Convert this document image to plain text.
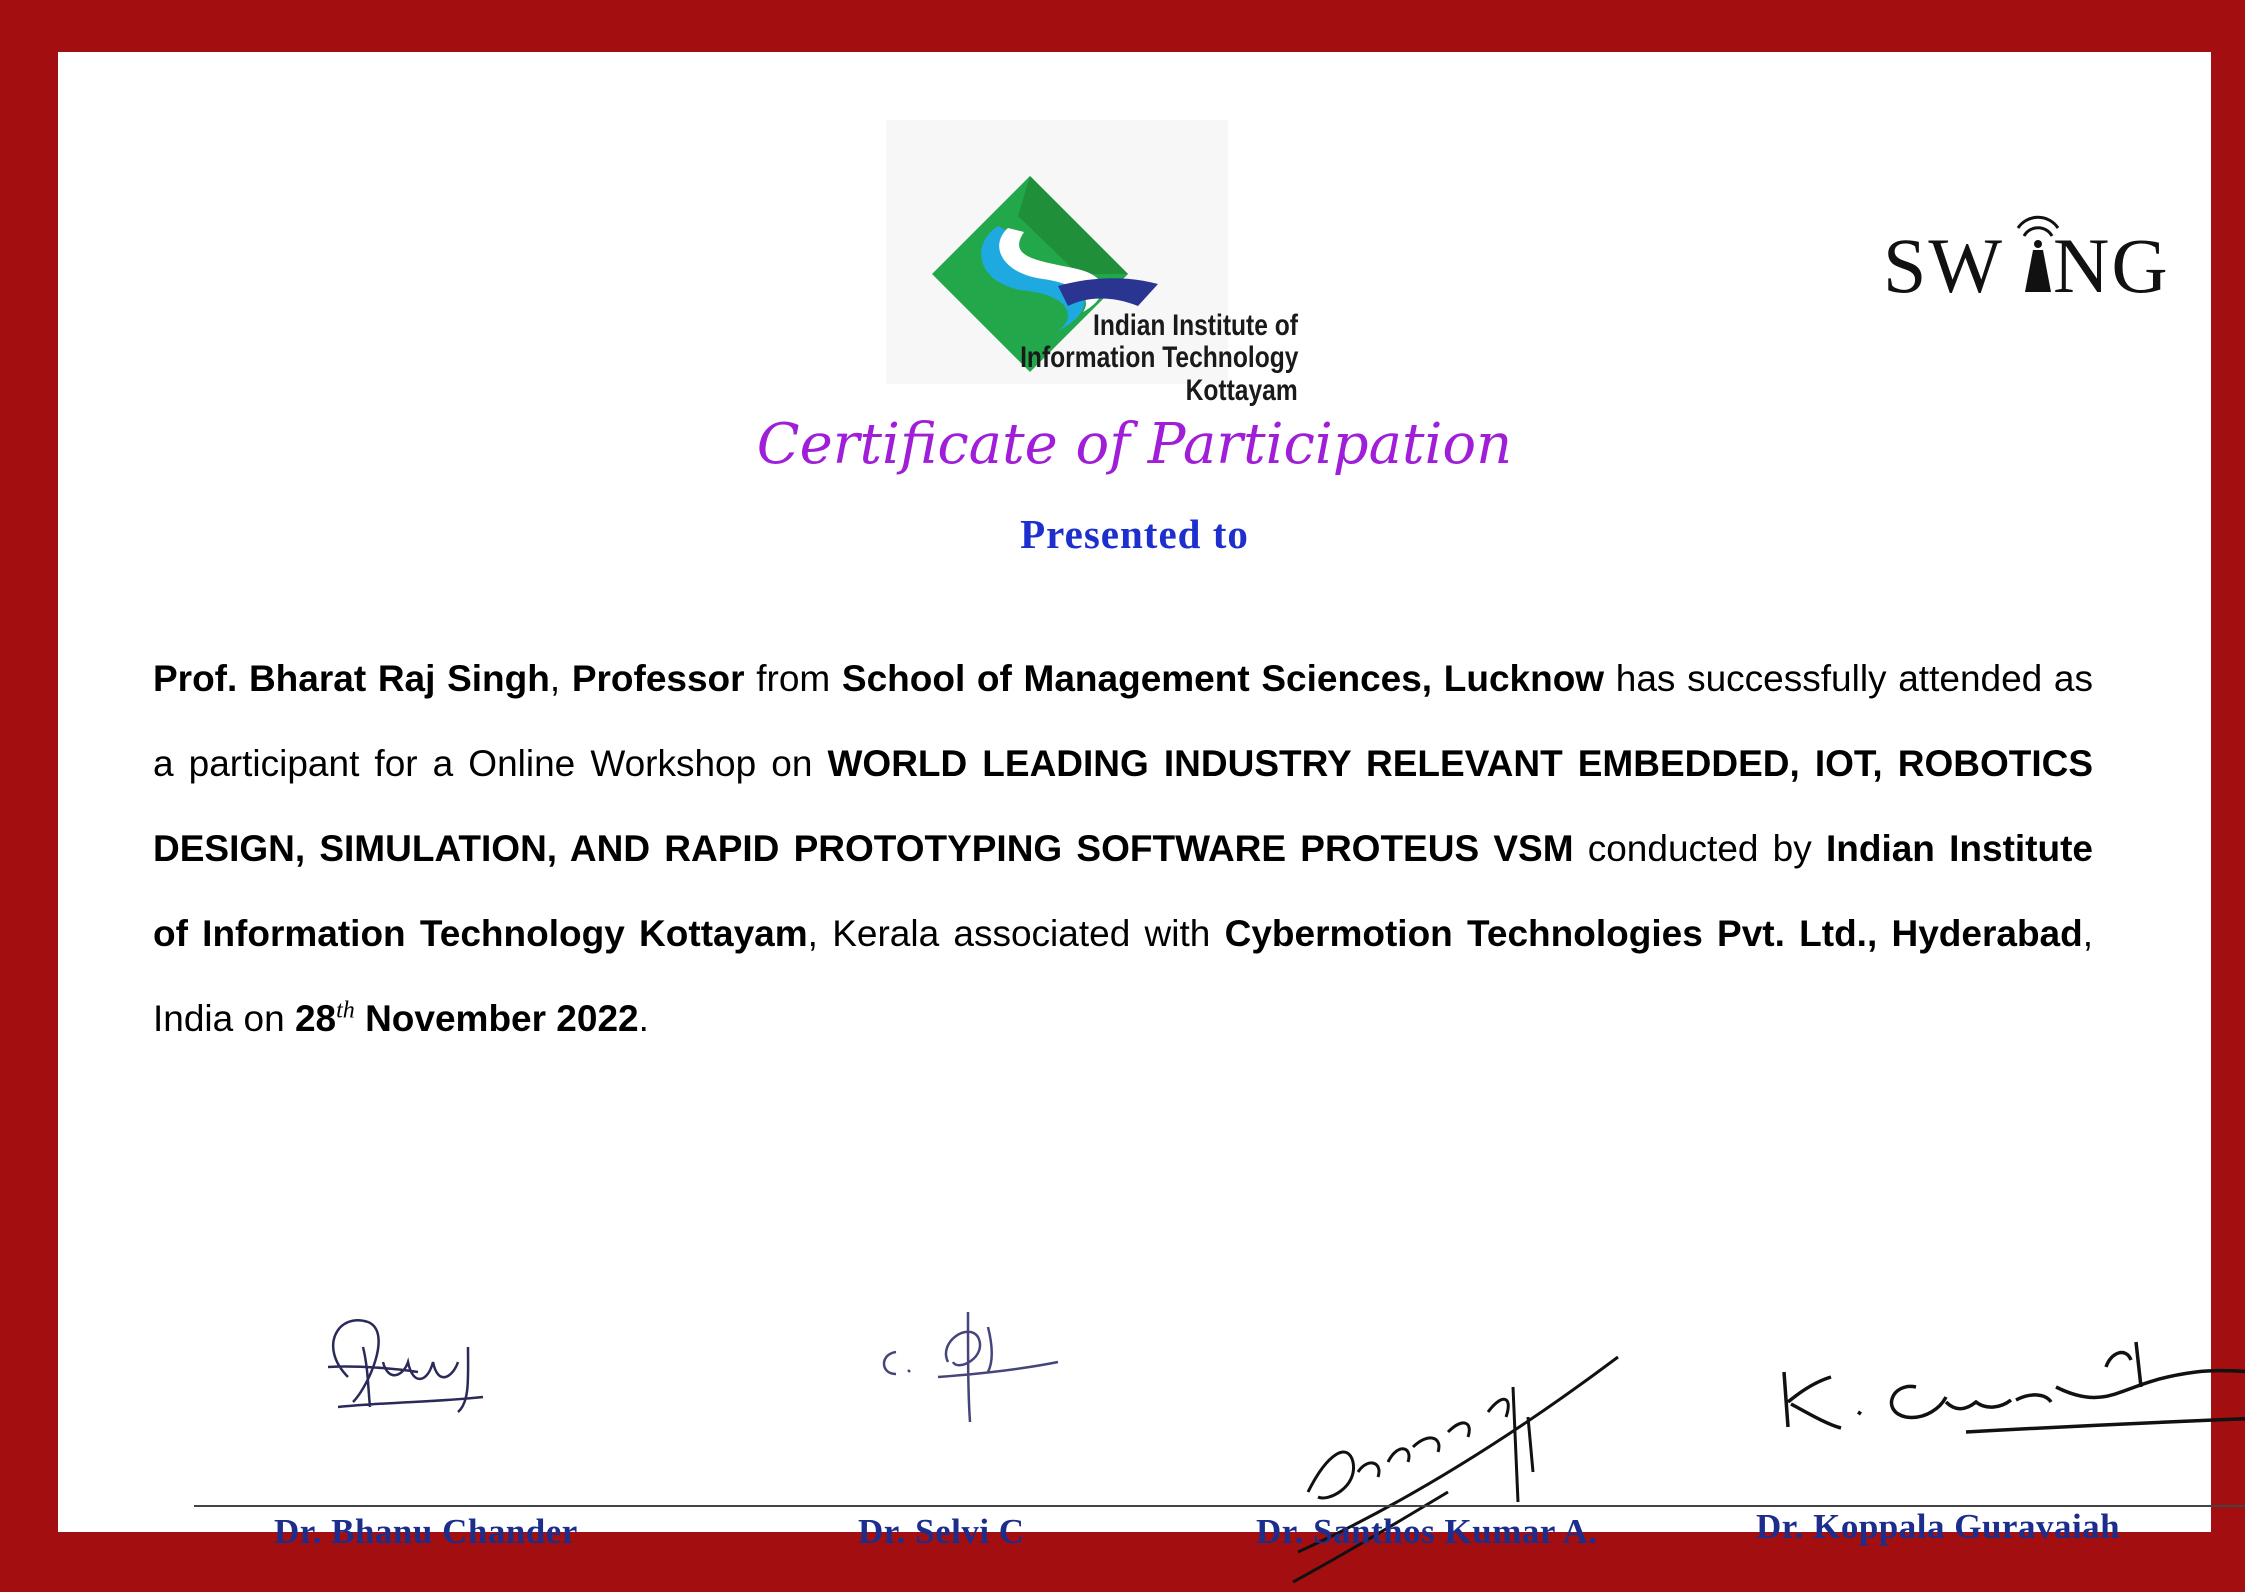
Indian Institute of
Information Technology
Kottayam
SW NG
Certificate of Participation
Presented to
Prof. Bharat Raj Singh, Professor from School of Management Sciences, Lucknow has successfully attended as a participant for a Online Workshop on WORLD LEADING INDUSTRY RELEVANT EMBEDDED, IOT, ROBOTICS DESIGN, SIMULATION, AND RAPID PROTOTYPING SOFTWARE PROTEUS VSM conducted by Indian Institute of Information Technology Kottayam, Kerala associated with Cybermotion Technologies Pvt. Ltd., Hyderabad, India on 28th November 2022.
Dr. Bhanu Chander	Dr. Selvi C	Dr. Santhos Kumar A.	Dr. Koppala Guravaiah
